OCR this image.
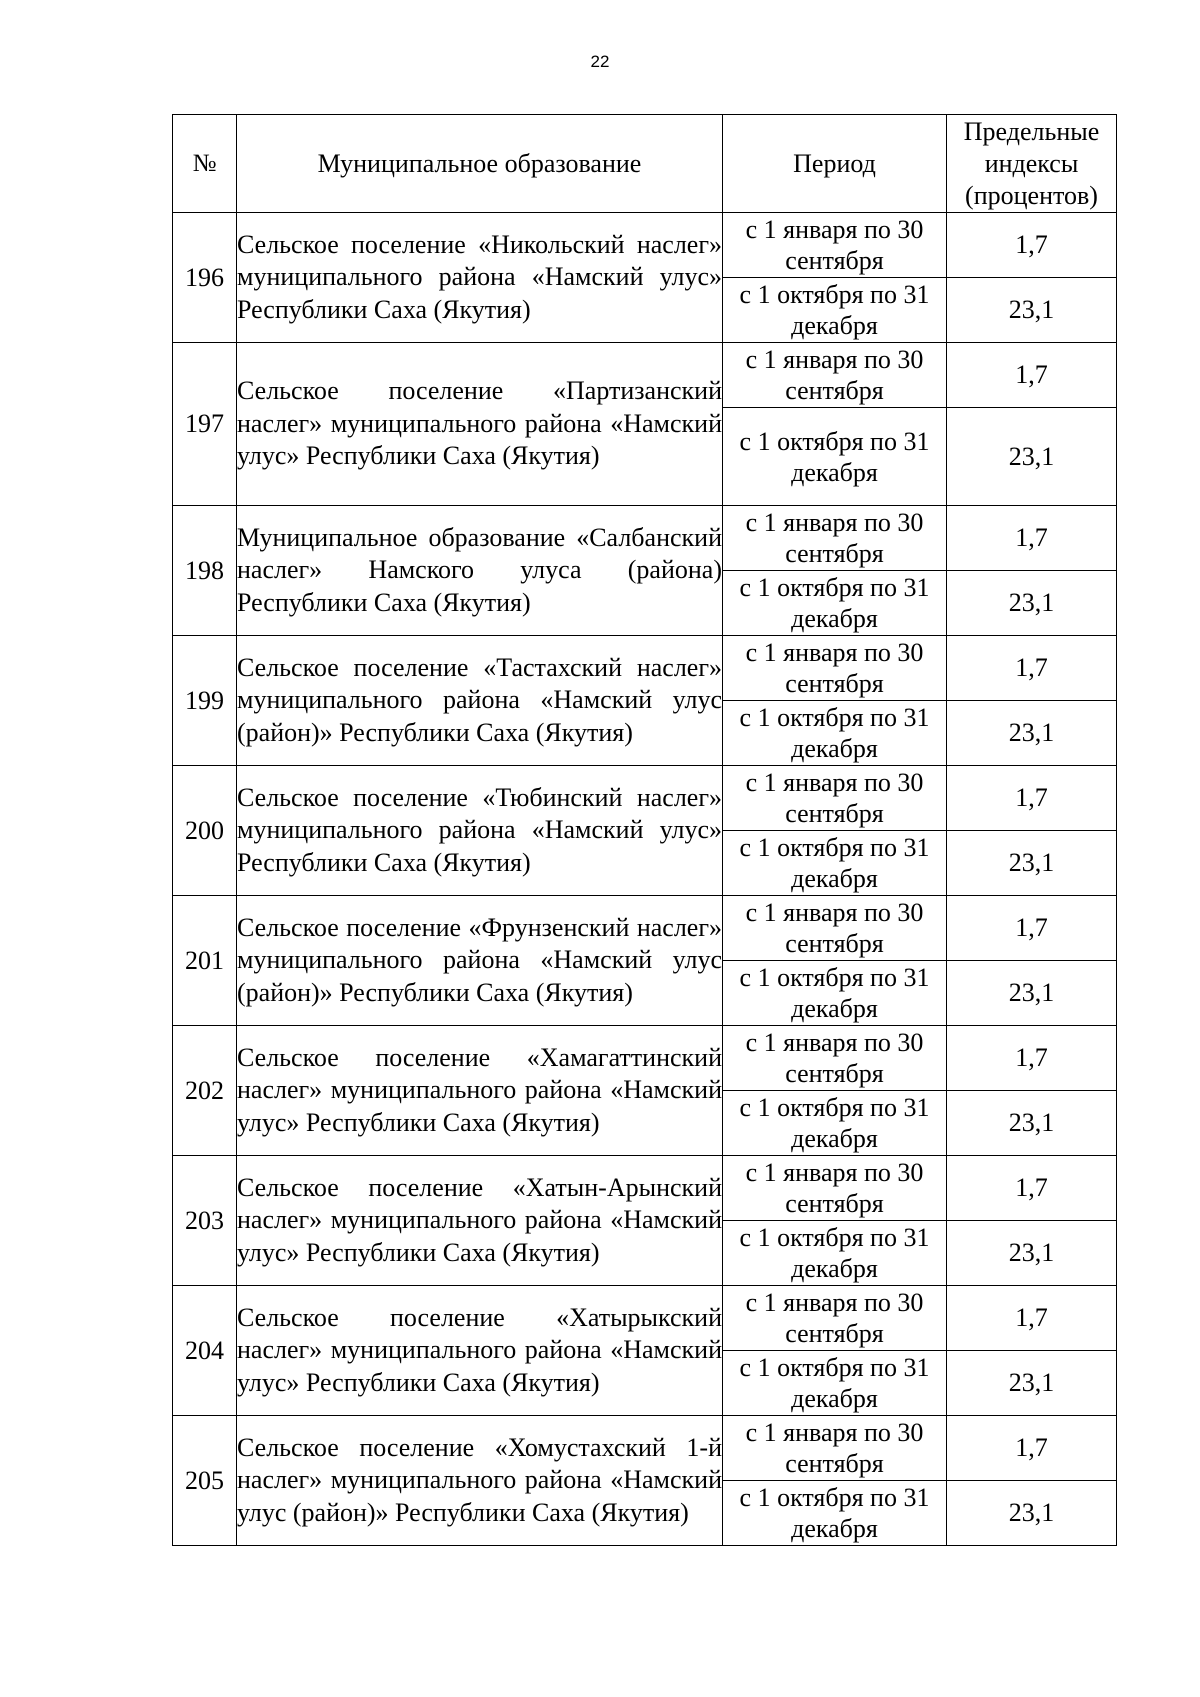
22
№	Муниципальное образование	Период	Предельные индексы (процентов)
196	Сельское поселение «Никольский наслег» муниципального района «Намский улус» Республики Саха (Якутия)	с 1 января по 30 сентября	1,7
		с 1 октября по 31 декабря	23,1
197	Сельское поселение «Партизанский наслег» муниципального района «Намский улус» Республики Саха (Якутия)	с 1 января по 30 сентября	1,7
		с 1 октября по 31 декабря	23,1
198	Муниципальное образование «Салбанский наслег» Намского улуса (района) Республики Саха (Якутия)	с 1 января по 30 сентября	1,7
		с 1 октября по 31 декабря	23,1
199	Сельское поселение «Тастахский наслег» муниципального района «Намский улус (район)» Республики Саха (Якутия)	с 1 января по 30 сентября	1,7
		с 1 октября по 31 декабря	23,1
200	Сельское поселение «Тюбинский наслег» муниципального района «Намский улус» Республики Саха (Якутия)	с 1 января по 30 сентября	1,7
		с 1 октября по 31 декабря	23,1
201	Сельское поселение «Фрунзенский наслег» муниципального района «Намский улус (район)» Республики Саха (Якутия)	с 1 января по 30 сентября	1,7
		с 1 октября по 31 декабря	23,1
202	Сельское поселение «Хамагаттинский наслег» муниципального района «Намский улус» Республики Саха (Якутия)	с 1 января по 30 сентября	1,7
		с 1 октября по 31 декабря	23,1
203	Сельское поселение «Хатын-Арынский наслег» муниципального района «Намский улус» Республики Саха (Якутия)	с 1 января по 30 сентября	1,7
		с 1 октября по 31 декабря	23,1
204	Сельское поселение «Хатырыкский наслег» муниципального района «Намский улус» Республики Саха (Якутия)	с 1 января по 30 сентября	1,7
		с 1 октября по 31 декабря	23,1
205	Сельское поселение «Хомустахский 1-й наслег» муниципального района «Намский улус (район)» Республики Саха (Якутия)	с 1 января по 30 сентября	1,7
		с 1 октября по 31 декабря	23,1
